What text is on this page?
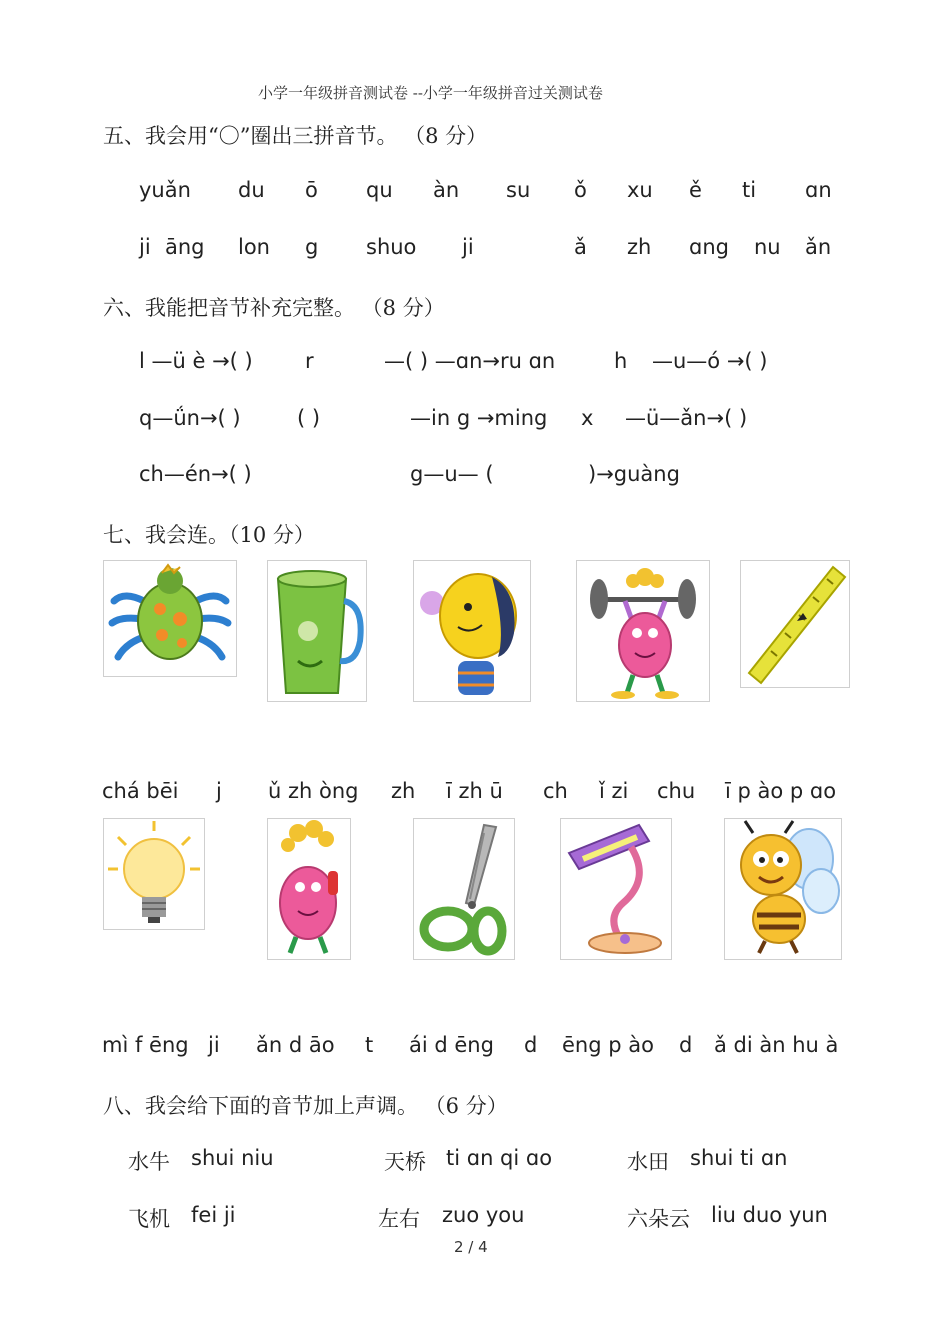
小学一年级拼音测试卷 --小学一年级拼音过关测试卷
五、我会用“〇”圈出三拼音节。 （8 分）
yuǎn du ō qu àn su ǒ xu ě ti ɑn
ji āng lon g shuo ji	ǎ zh ɑng nu ǎn
六、我能把音节补充完整。 （8 分）
l —ü è →( ) r	—( ) —ɑn→ru ɑn	h —u—ó →( )
q—ǘn→( )	( )	—in g →ming x —ü—ǎn→( )
ch—én→( )	g—u— (	)→guàng
七、我会连。（10 分）
chá bēi j ǔ zh òng zh ī zh ū ch ǐ zi chu ī p ào p ɑo
mì f ēng ji ǎn d āo t ái d ēng d ēng p ào d ǎ di àn hu à
八、我会给下面的音节加上声调。 （6 分）
水牛 shui niu	天桥 ti ɑn qi ɑo	水田 shui ti ɑn
飞机 fei ji	左右 zuo you	六朵云 liu duo yun
2 / 4
